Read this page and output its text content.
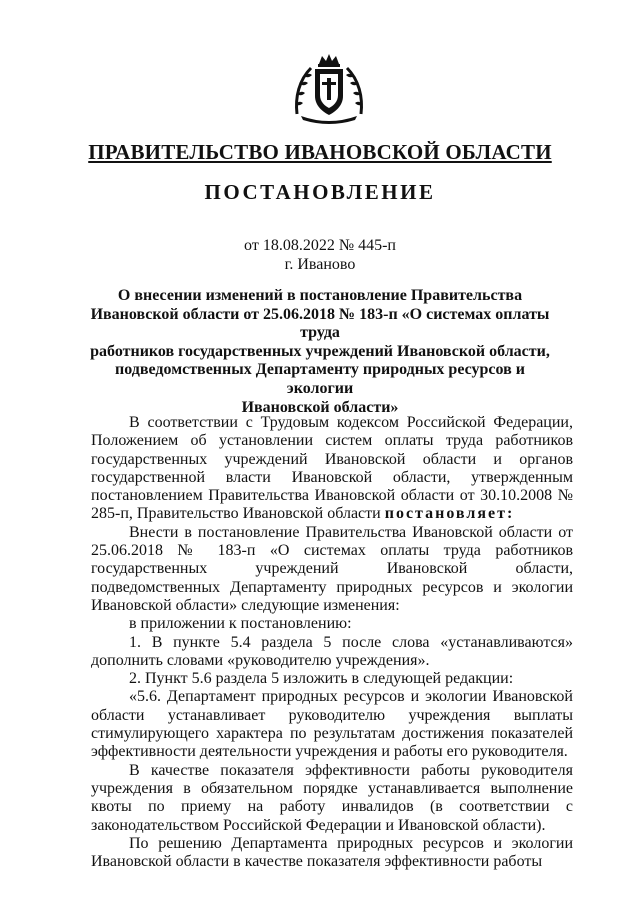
ПРАВИТЕЛЬСТВО ИВАНОВСКОЙ ОБЛАСТИ
ПОСТАНОВЛЕНИЕ
от 18.08.2022 № 445-п
г. Иваново
О внесении изменений в постановление Правительства
Ивановской области от 25.06.2018 № 183-п «О системах оплаты труда
работников государственных учреждений Ивановской области,
подведомственных Департаменту природных ресурсов и экологии
Ивановской области»

В соответствии с Трудовым кодексом Российской Федерации, Положением об установлении систем оплаты труда работников государственных учреждений Ивановской области и органов государственной власти Ивановской области, утвержденным постановлением Правительства Ивановской области от 30.10.2008 № 285-п, Правительство Ивановской области постановляет:

Внести в постановление Правительства Ивановской области от 25.06.2018 № 183-п «О системах оплаты труда работников государственных учреждений Ивановской области, подведомственных Департаменту природных ресурсов и экологии Ивановской области» следующие изменения:

в приложении к постановлению:

1. В пункте 5.4 раздела 5 после слова «устанавливаются» дополнить словами «руководителю учреждения».

2. Пункт 5.6 раздела 5 изложить в следующей редакции:

«5.6. Департамент природных ресурсов и экологии Ивановской области устанавливает руководителю учреждения выплаты стимулирующего характера по результатам достижения показателей эффективности деятельности учреждения и работы его руководителя.

В качестве показателя эффективности работы руководителя учреждения в обязательном порядке устанавливается выполнение квоты по приему на работу инвалидов (в соответствии с законодательством Российской Федерации и Ивановской области).

По решению Департамента природных ресурсов и экологии Ивановской области в качестве показателя эффективности работы
